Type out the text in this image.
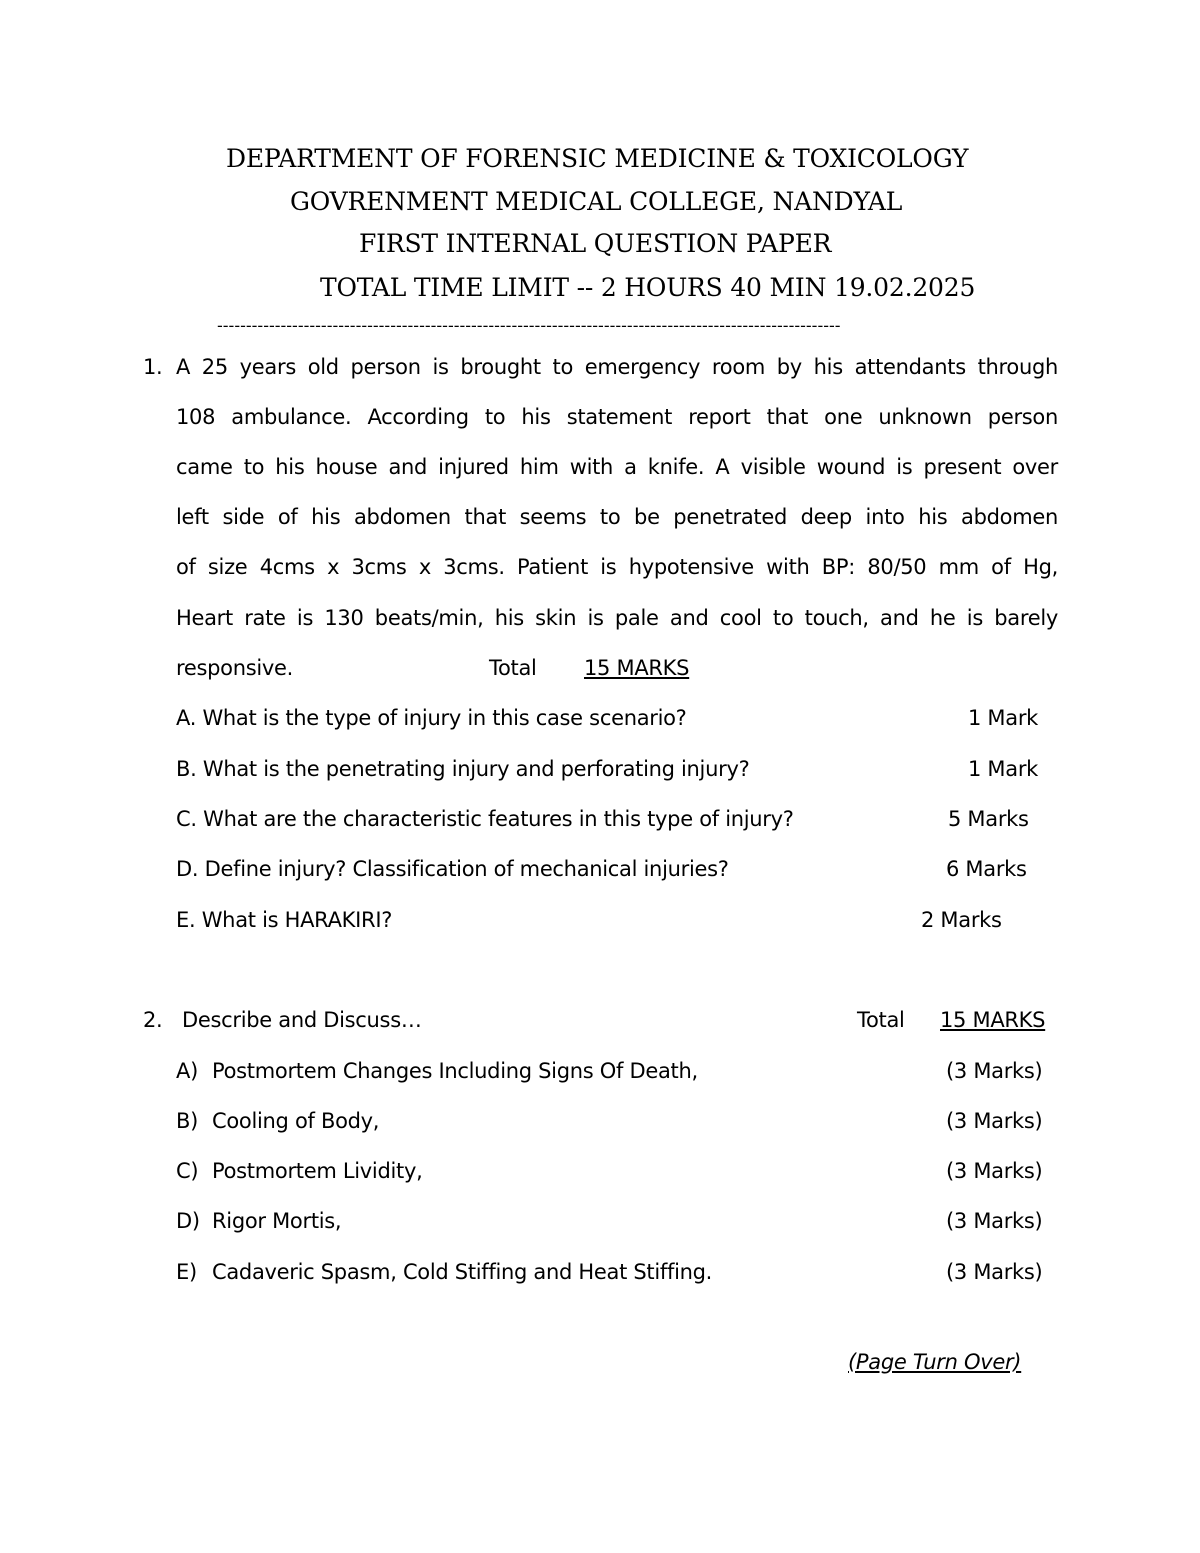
DEPARTMENT OF FORENSIC MEDICINE & TOXICOLOGY
GOVRENMENT MEDICAL COLLEGE, NANDYAL
FIRST INTERNAL QUESTION PAPER
TOTAL TIME LIMIT -- 2 HOURS 40 MIN 19.02.2025
------------------------------------------------------------------------------------------------------------
1. A 25 years old person is brought to emergency room by his attendants through
108 ambulance. According to his statement report that one unknown person
came to his house and injured him with a knife. A visible wound is present over
left side of his abdomen that seems to be penetrated deep into his abdomen
of size 4cms x 3cms x 3cms. Patient is hypotensive with BP: 80/50 mm of Hg,
Heart rate is 130 beats/min, his skin is pale and cool to touch, and he is barely
responsive.	Total 15 MARKS
A. What is the type of injury in this case scenario?	1 Mark
B. What is the penetrating injury and perforating injury?	1 Mark
C. What are the characteristic features in this type of injury?	5 Marks
D. Define injury? Classification of mechanical injuries?	6 Marks
E. What is HARAKIRI?	2 Marks
2. Describe and Discuss…	Total 15 MARKS
A) Postmortem Changes Including Signs Of Death,	(3 Marks)
B) Cooling of Body,	(3 Marks)
C) Postmortem Lividity,	(3 Marks)
D) Rigor Mortis,	(3 Marks)
E) Cadaveric Spasm, Cold Stiffing and Heat Stiffing.	(3 Marks)
(Page Turn Over)
